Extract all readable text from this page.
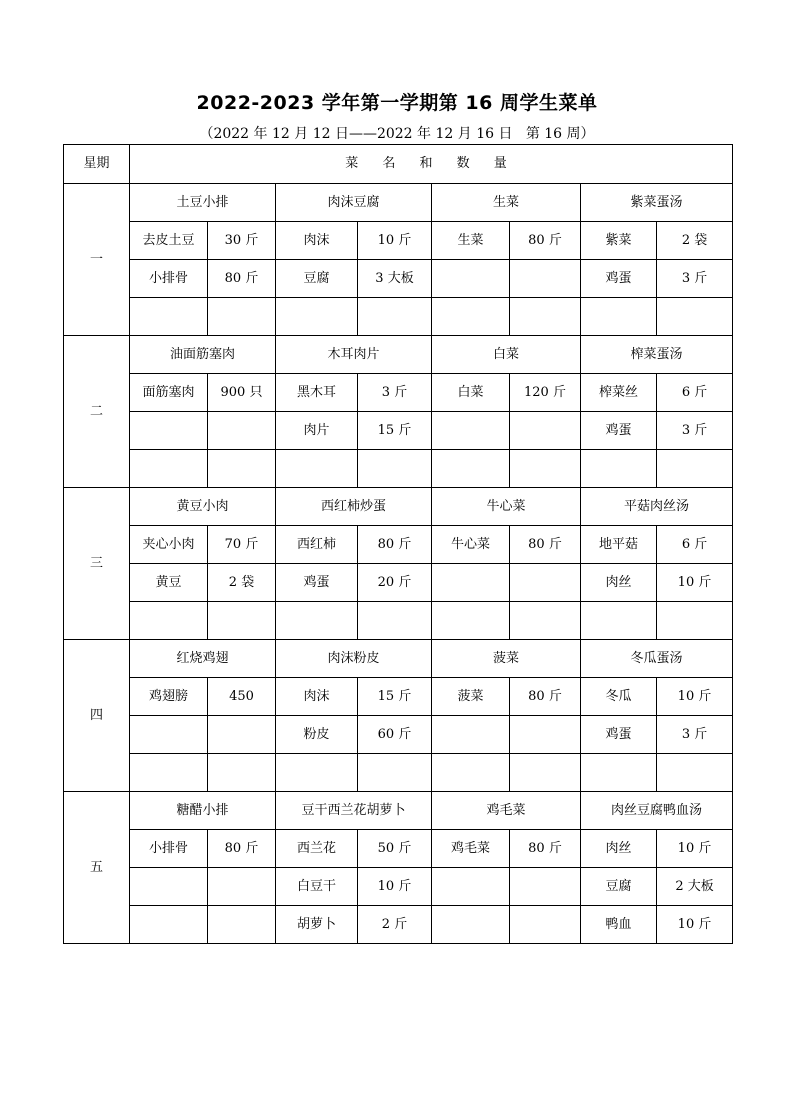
2022-2023 学年第一学期第 16 周学生菜单
（2022 年 12 月 12 日——2022 年 12 月 16 日   第 16 周）
星期	菜 名 和 数 量							
一	土豆小排		肉沫豆腐		生菜		紫菜蛋汤	
	去皮土豆	30 斤	肉沫	10 斤	生菜	80 斤	紫菜	2 袋
	小排骨	80 斤	豆腐	3 大板			鸡蛋	3 斤

二	油面筋塞肉		木耳肉片		白菜		榨菜蛋汤	
	面筋塞肉	900 只	黑木耳	3 斤	白菜	120 斤	榨菜丝	6 斤
			肉片	15 斤			鸡蛋	3 斤

三	黄豆小肉		西红柿炒蛋		牛心菜		平菇肉丝汤	
	夹心小肉	70 斤	西红柿	80 斤	牛心菜	80 斤	地平菇	6 斤
	黄豆	2 袋	鸡蛋	20 斤			肉丝	10 斤

四	红烧鸡翅		肉沫粉皮		菠菜		冬瓜蛋汤	
	鸡翅膀	450	肉沫	15 斤	菠菜	80 斤	冬瓜	10 斤
			粉皮	60 斤			鸡蛋	3 斤

五	糖醋小排		豆干西兰花胡萝卜		鸡毛菜		肉丝豆腐鸭血汤	
	小排骨	80 斤	西兰花	50 斤	鸡毛菜	80 斤	肉丝	10 斤
			白豆干	10 斤			豆腐	2 大板
			胡萝卜	2 斤			鸭血	10 斤
